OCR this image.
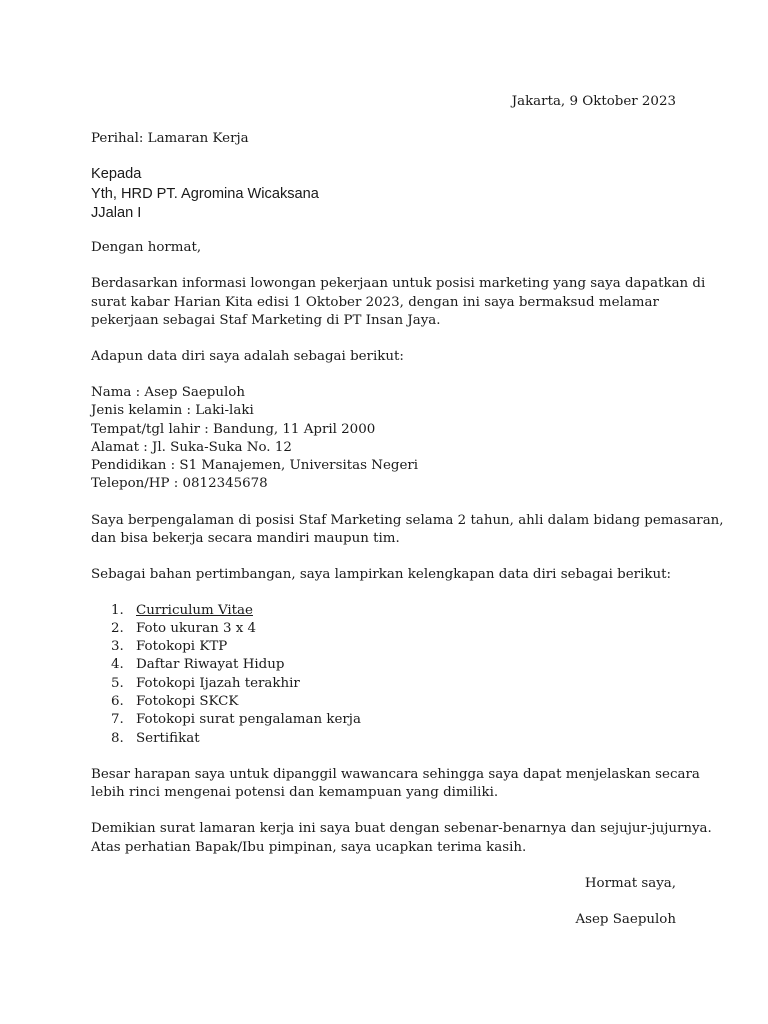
Jakarta, 9 Oktober 2023
Perihal: Lamaran Kerja
Kepada
Yth, HRD PT. Agromina Wicaksana
JJalan I
Dengan hormat,
Berdasarkan informasi lowongan pekerjaan untuk posisi marketing yang saya dapatkan di
surat kabar Harian Kita edisi 1 Oktober 2023, dengan ini saya bermaksud melamar
pekerjaan sebagai Staf Marketing di PT Insan Jaya.
Adapun data diri saya adalah sebagai berikut:
Nama : Asep Saepuloh
Jenis kelamin : Laki-laki
Tempat/tgl lahir : Bandung, 11 April 2000
Alamat : Jl. Suka-Suka No. 12
Pendidikan : S1 Manajemen, Universitas Negeri
Telepon/HP : 0812345678
Saya berpengalaman di posisi Staf Marketing selama 2 tahun, ahli dalam bidang pemasaran,
dan bisa bekerja secara mandiri maupun tim.
Sebagai bahan pertimbangan, saya lampirkan kelengkapan data diri sebagai berikut:
1. Curriculum Vitae
2. Foto ukuran 3 x 4
3. Fotokopi KTP
4. Daftar Riwayat Hidup
5. Fotokopi Ijazah terakhir
6. Fotokopi SKCK
7. Fotokopi surat pengalaman kerja
8. Sertifikat
Besar harapan saya untuk dipanggil wawancara sehingga saya dapat menjelaskan secara
lebih rinci mengenai potensi dan kemampuan yang dimiliki.
Demikian surat lamaran kerja ini saya buat dengan sebenar-benarnya dan sejujur-jujurnya.
Atas perhatian Bapak/Ibu pimpinan, saya ucapkan terima kasih.
Hormat saya,
Asep Saepuloh
